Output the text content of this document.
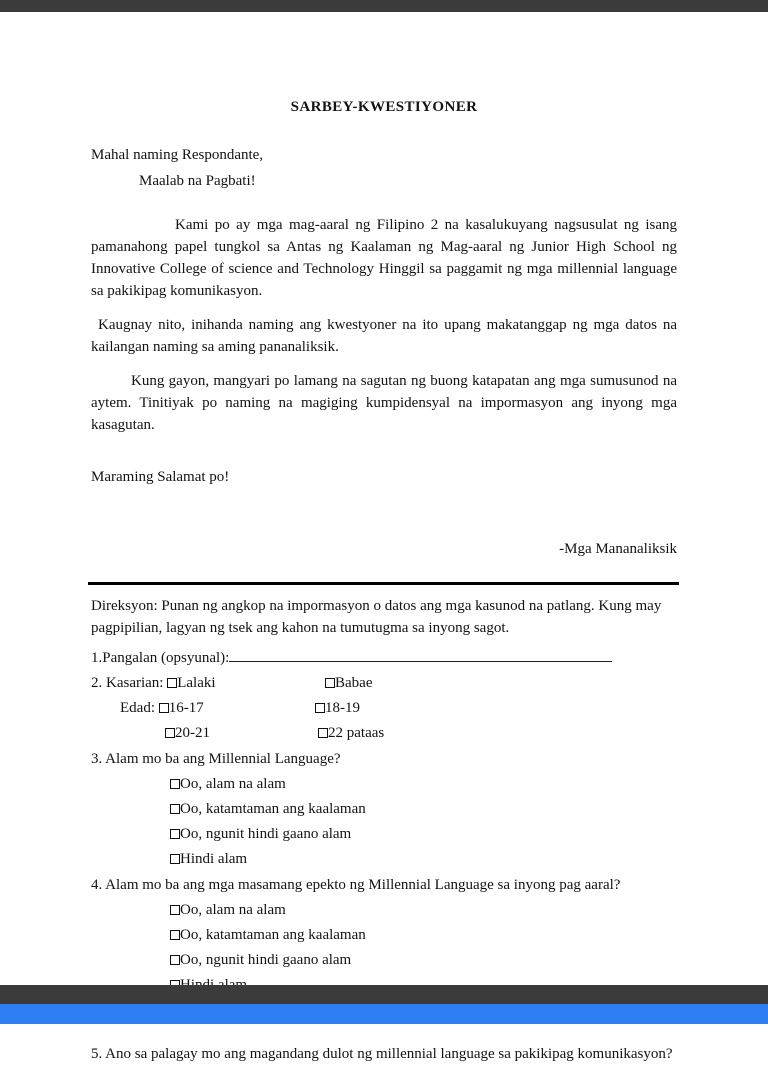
SARBEY-KWESTIYONER
Mahal naming Respondante,
Maalab na Pagbati!

Kami po ay mga mag-aaral ng Filipino 2 na kasalukuyang nagsusulat ng isang pamanahong papel tungkol sa Antas ng Kaalaman ng Mag-aaral ng Junior High School ng Innovative College of science and Technology Hinggil sa paggamit ng mga millennial language sa pakikipag komunikasyon.

Kaugnay nito, inihanda naming ang kwestyoner na ito upang makatanggap ng mga datos na kailangan naming sa aming pananaliksik.

Kung gayon, mangyari po lamang na sagutan ng buong katapatan ang mga sumusunod na aytem. Tinitiyak po naming na magiging kumpidensyal na impormasyon ang inyong mga kasagutan.

Maraming Salamat po!
-Mga Mananaliksik

Direksyon: Punan ng angkop na impormasyon o datos ang mga kasunod na patlang. Kung may pagpipilian, lagyan ng tsek ang kahon na tumutugma sa inyong sagot.

1.Pangalan (opsyunal):
2. Kasarian: Lalaki	Babae
Edad: 16-17	18-19
20-21	22 pataas
3. Alam mo ba ang Millennial Language?
Oo, alam na alam
Oo, katamtaman ang kaalaman
Oo, ngunit hindi gaano alam
Hindi alam
4. Alam mo ba ang mga masamang epekto ng Millennial Language sa inyong pag aaral?
Oo, alam na alam
Oo, katamtaman ang kaalaman
Oo, ngunit hindi gaano alam
5. Ano sa palagay mo ang magandang dulot ng millennial language sa pakikipag komunikasyon?
